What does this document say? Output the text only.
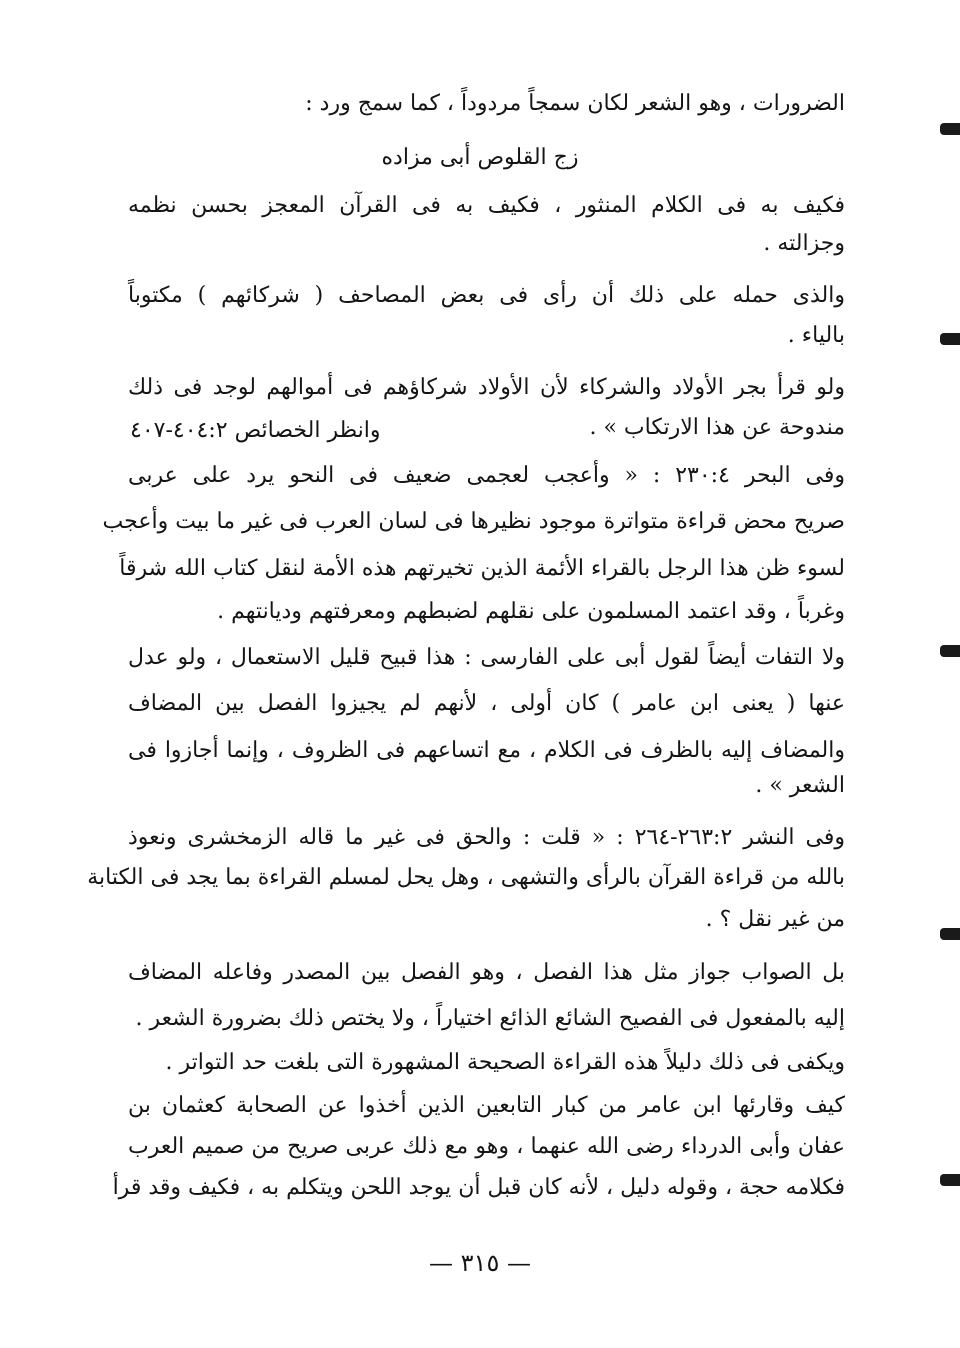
الضرورات ، وهو الشعر لكان سمجاً مردوداً ، كما سمج ورد :
زج القلوص أبى مزاده
فكيف به فى الكلام المنثور ، فكيف به فى القرآن المعجز بحسن نظمه
وجزالته .
والذى حمله على ذلك أن رأى فى بعض المصاحف ( شركائهم ) مكتوباً
بالياء .
ولو قرأ بجر الأولاد والشركاء لأن الأولاد شركاؤهم فى أموالهم لوجد فى ذلك
مندوحة عن هذا الارتكاب » .
وانظر الخصائص ٤٠٤:٢-٤٠٧
وفى البحر ٢٣٠:٤ : « وأعجب لعجمى ضعيف فى النحو يرد على عربى
صريح محض قراءة متواترة موجود نظيرها فى لسان العرب فى غير ما بيت وأعجب
لسوء ظن هذا الرجل بالقراء الأئمة الذين تخيرتهم هذه الأمة لنقل كتاب الله شرقاً
وغرباً ، وقد اعتمد المسلمون على نقلهم لضبطهم ومعرفتهم وديانتهم .
ولا التفات أيضاً لقول أبى على الفارسى : هذا قبيح قليل الاستعمال ، ولو عدل
عنها ( يعنى ابن عامر ) كان أولى ، لأنهم لم يجيزوا الفصل بين المضاف
والمضاف إليه بالظرف فى الكلام ، مع اتساعهم فى الظروف ، وإنما أجازوا فى
الشعر » .
وفى النشر ٢٦٣:٢-٢٦٤ : « قلت : والحق فى غير ما قاله الزمخشرى ونعوذ
بالله من قراءة القرآن بالرأى والتشهى ، وهل يحل لمسلم القراءة بما يجد فى الكتابة
من غير نقل ؟ .
بل الصواب جواز مثل هذا الفصل ، وهو الفصل بين المصدر وفاعله المضاف
إليه بالمفعول فى الفصيح الشائع الذائع اختياراً ، ولا يختص ذلك بضرورة الشعر .
ويكفى فى ذلك دليلاً هذه القراءة الصحيحة المشهورة التى بلغت حد التواتر .
كيف وقارئها ابن عامر من كبار التابعين الذين أخذوا عن الصحابة كعثمان بن
عفان وأبى الدرداء رضى الله عنهما ، وهو مع ذلك عربى صريح من صميم العرب
فكلامه حجة ، وقوله دليل ، لأنه كان قبل أن يوجد اللحن ويتكلم به ، فكيف وقد قرأ
— ٣١٥ —
